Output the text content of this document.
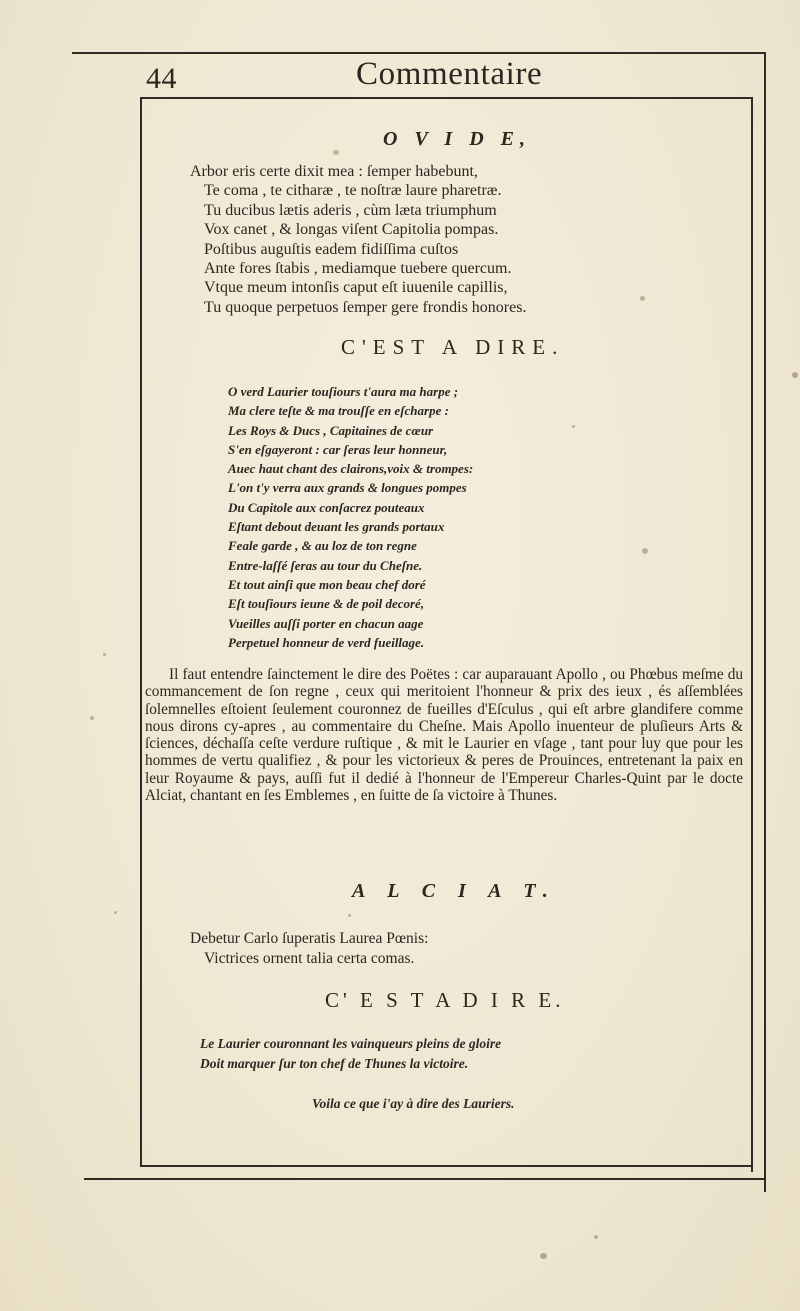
44	Commentaire
O V I D E,
Arbor eris certe dixit mea : ſemper habebunt,
Te coma , te citharæ , te noſtræ laure pharetræ.
Tu ducibus lætis aderis , cùm læta triumphum
Vox canet , & longas viſent Capitolia pompas.
Poſtibus auguſtis eadem fidiſſima cuſtos
Ante fores ſtabis , mediamque tuebere quercum.
Vtque meum intonſis caput eſt iuuenile capillis,
Tu quoque perpetuos ſemper gere frondis honores.
C'EST A DIRE.
O verd Laurier touſiours t'aura ma harpe ;
Ma clere teſte & ma trouſſe en eſcharpe :
Les Roys & Ducs , Capitaines de cœur
S'en eſgayeront : car ſeras leur honneur,
Auec haut chant des clairons,voix & trompes:
L'on t'y verra aux grands & longues pompes
Du Capitole aux conſacrez pouteaux
Eſtant debout deuant les grands portaux
Feale garde , & au loz de ton regne
Entre-laſſé ſeras au tour du Cheſne.
Et tout ainſi que mon beau chef doré
Eſt touſiours ieune & de poil decoré,
Vueilles auſſi porter en chacun aage
Perpetuel honneur de verd fueillage.
Il faut entendre ſainctement le dire des Poëtes : car auparauant Apollo , ou Phœbus meſme du commancement de ſon regne , ceux qui meritoient l'honneur & prix des ieux , és aſſemblées ſolemnelles eſtoient ſeulement couronnez de fueilles d'Eſculus , qui eſt arbre glandifere comme nous dirons cy-apres , au commentaire du Cheſne. Mais Apollo inuenteur de pluſieurs Arts & ſciences, déchaſſa ceſte verdure ruſtique , & mit le Laurier en vſage , tant pour luy que pour les hommes de vertu qualifiez , & pour les victorieux & peres de Prouinces, entretenant la paix en leur Royaume & pays, auſſi fut il dedié à l'honneur de l'Empereur Charles-Quint par le docte Alciat, chantant en ſes Emblemes , en ſuitte de ſa victoire à Thunes.
A L C I A T.
Debetur Carlo ſuperatis Laurea Pœnis:
Victrices ornent talia certa comas.
C' E S T A D I R E.
Le Laurier couronnant les vainqueurs pleins de gloire
Doit marquer ſur ton chef de Thunes la victoire.
Voila ce que i'ay à dire des Lauriers.
